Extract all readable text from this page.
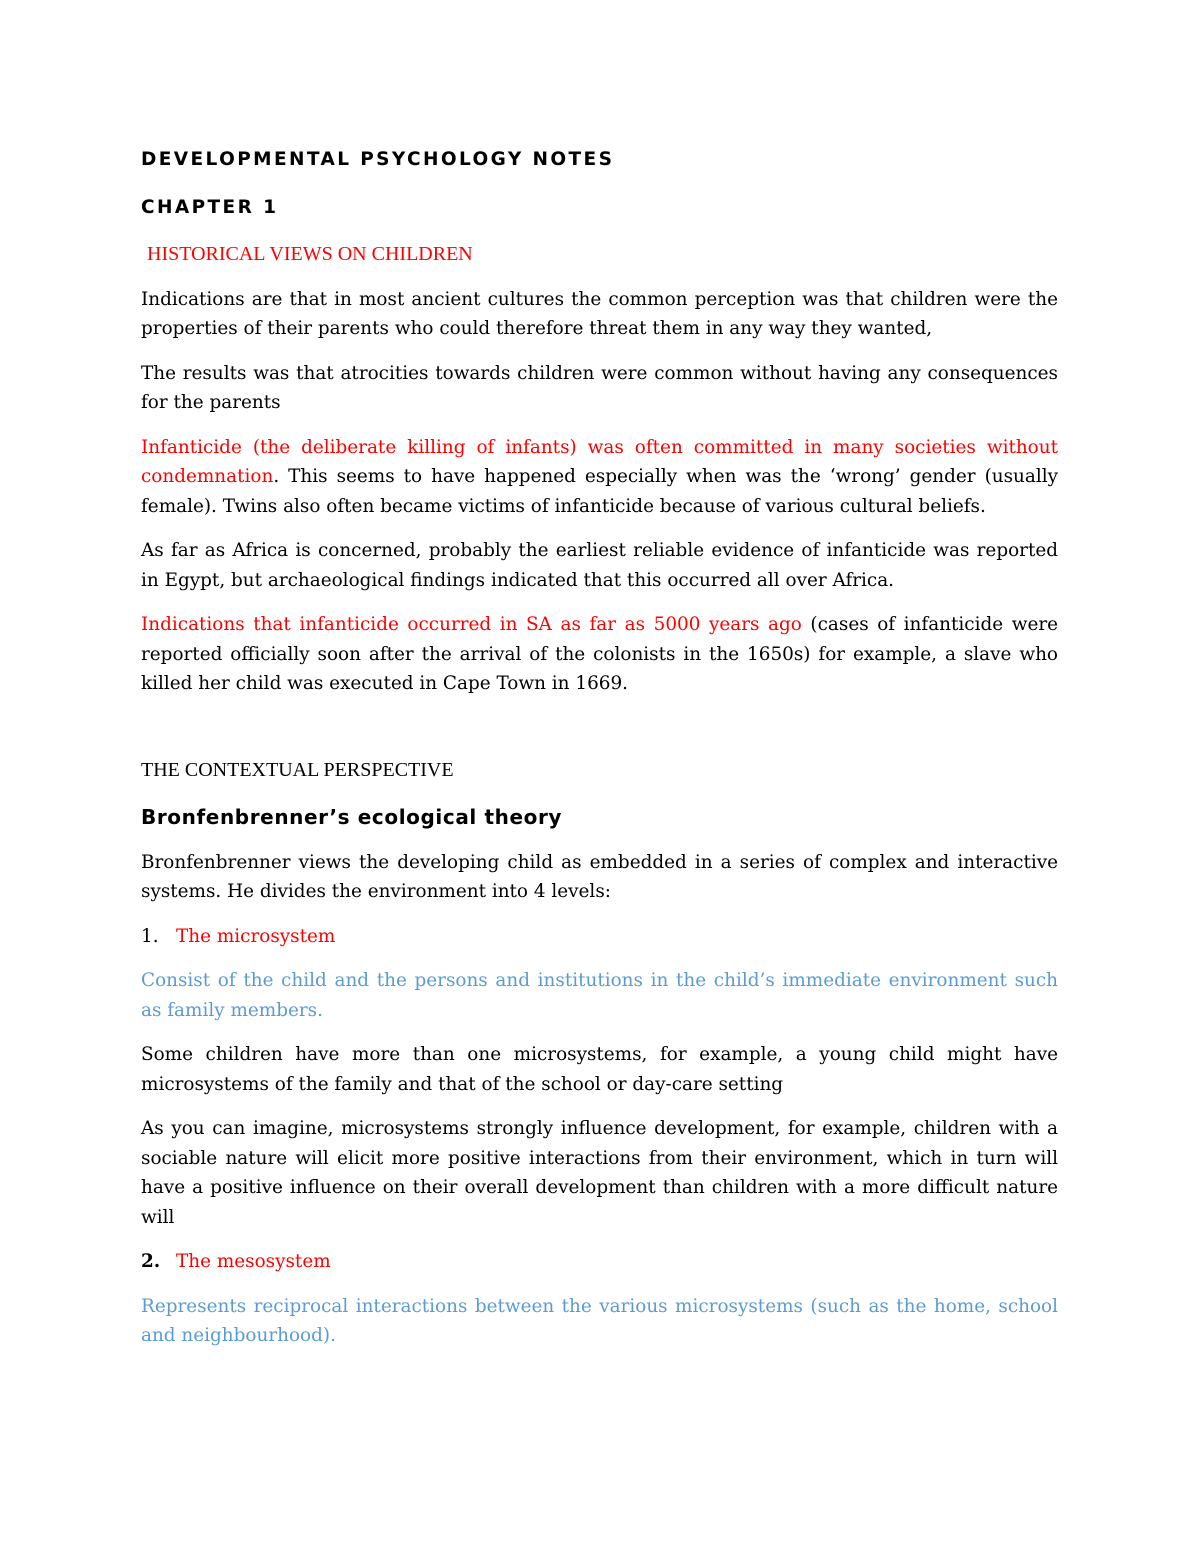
DEVELOPMENTAL PSYCHOLOGY NOTES
CHAPTER 1
HISTORICAL VIEWS ON CHILDREN

Indications are that in most ancient cultures the common perception was that children were the properties of their parents who could therefore threat them in any way they wanted,

The results was that atrocities towards children were common without having any consequences for the parents

Infanticide (the deliberate killing of infants) was often committed in many societies without condemnation. This seems to have happened especially when was the ‘wrong’ gender (usually female). Twins also often became victims of infanticide because of various cultural beliefs.

As far as Africa is concerned, probably the earliest reliable evidence of infanticide was reported in Egypt, but archaeological findings indicated that this occurred all over Africa.

Indications that infanticide occurred in SA as far as 5000 years ago (cases of infanticide were reported officially soon after the arrival of the colonists in the 1650s) for example, a slave who killed her child was executed in Cape Town in 1669.

THE CONTEXTUAL PERSPECTIVE
Bronfenbrenner’s ecological theory

Bronfenbrenner views the developing child as embedded in a series of complex and interactive systems. He divides the environment into 4 levels:

1. The microsystem

Consist of the child and the persons and institutions in the child’s immediate environment such as family members.

Some children have more than one microsystems, for example, a young child might have microsystems of the family and that of the school or day-care setting

As you can imagine, microsystems strongly influence development, for example, children with a sociable nature will elicit more positive interactions from their environment, which in turn will have a positive influence on their overall development than children with a more difficult nature will

2. The mesosystem

Represents reciprocal interactions between the various microsystems (such as the home, school and neighbourhood).
